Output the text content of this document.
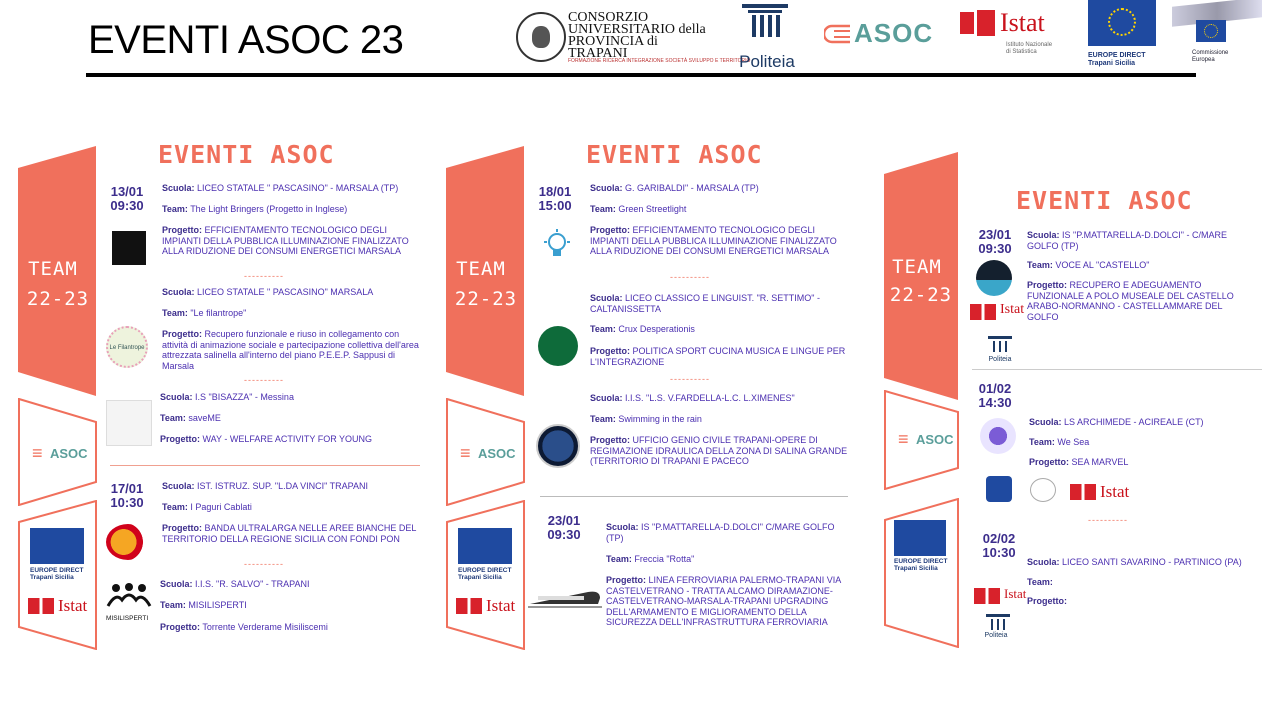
EVENTI ASOC 23
CONSORZIO UNIVERSITARIO della PROVINCIA di TRAPANI
FORMAZIONE RICERCA INTEGRAZIONE SOCIETÀ SVILUPPO E TERRITORIO
Politeia
ASOC	Istat
Istituto Nazionale di Statistica	EUROPE DIRECT
Trapani Sicilia
Commissione Europea
TEAM
22-23
≡ ASOC
EUROPE DIRECT
Trapani Sicilia
Istat
EVENTI ASOC
13/01
09:30
Scuola: LICEO STATALE " PASCASINO" - MARSALA (TP)
Team: The Light Bringers (Progetto in Inglese)
Progetto: EFFICIENTAMENTO TECNOLOGICO DEGLI IMPIANTI DELLA PUBBLICA ILLUMINAZIONE FINALIZZATO ALLA RIDUZIONE DEI CONSUMI ENERGETICI MARSALA
----------
Scuola: LICEO STATALE " PASCASINO" MARSALA
Team: "Le filantrope"
Le Filantrope
Progetto: Recupero funzionale e riuso in collegamento con attività di animazione sociale e partecipazione collettiva dell'area attrezzata salinella all'interno del piano P.E.E.P. Sappusi di Marsala
----------
Scuola: I.S "BISAZZA" - Messina
Team: saveME
Progetto: WAY - WELFARE ACTIVITY FOR YOUNG
17/01
10:30
Scuola: IST. ISTRUZ. SUP. "L.DA VINCI" TRAPANI
Team: I Paguri Cablati
Progetto: BANDA ULTRALARGA NELLE AREE BIANCHE DEL TERRITORIO DELLA REGIONE SICILIA CON FONDI PON
----------
Scuola: I.I.S. "R. SALVO" - TRAPANI
Team: MISILISPERTI
MISILISPERTI
Progetto: Torrente Verderame Misiliscemi
TEAM
22-23
≡ ASOC
EUROPE DIRECT
Trapani Sicilia
Istat
EVENTI ASOC
18/01
15:00
Scuola: G. GARIBALDI" - MARSALA (TP)
Team: Green Streetlight
Progetto: EFFICIENTAMENTO TECNOLOGICO DEGLI IMPIANTI DELLA PUBBLICA ILLUMINAZIONE FINALIZZATO ALLA RIDUZIONE DEI CONSUMI ENERGETICI MARSALA
----------
Scuola: LICEO CLASSICO E LINGUIST. "R. SETTIMO" - CALTANISSETTA
Team: Crux Desperationis
Progetto: POLITICA SPORT CUCINA MUSICA E LINGUE PER L'INTEGRAZIONE
----------
Scuola: I.I.S. "L.S. V.FARDELLA-L.C. L.XIMENES"
Team: Swimming in the rain
Progetto: UFFICIO GENIO CIVILE TRAPANI-OPERE DI REGIMAZIONE IDRAULICA DELLA ZONA DI SALINA GRANDE (TERRITORIO DI TRAPANI E PACECO
23/01
09:30	Scuola: IS "P.MATTARELLA-D.DOLCI" C/MARE GOLFO (TP)
Team: Freccia "Rotta"
Progetto: LINEA FERROVIARIA PALERMO-TRAPANI VIA CASTELVETRANO - TRATTA ALCAMO DIRAMAZIONE-CASTELVETRANO-MARSALA-TRAPANI UPGRADING DELL'ARMAMENTO E MIGLIORAMENTO DELLA SICUREZZA DELL'INFRASTRUTTURA FERROVIARIA
TEAM
22-23
≡ ASOC
EUROPE DIRECT
Trapani Sicilia
EVENTI ASOC
23/01
09:30
Scuola: IS "P.MATTARELLA-D.DOLCI" - C/MARE GOLFO (TP)
Team: VOCE AL "CASTELLO"
Istat
Progetto: RECUPERO E ADEGUAMENTO FUNZIONALE A POLO MUSEALE DEL CASTELLO ARABO-NORMANNO - CASTELLAMMARE DEL GOLFO
Politeia
01/02
14:30
Scuola: LS ARCHIMEDE - ACIREALE (CT)
Team: We Sea
Progetto: SEA MARVEL
Istat
----------
02/02
10:30
Scuola: LICEO SANTI SAVARINO - PARTINICO (PA)
Team:
Istat Progetto:
Politeia
